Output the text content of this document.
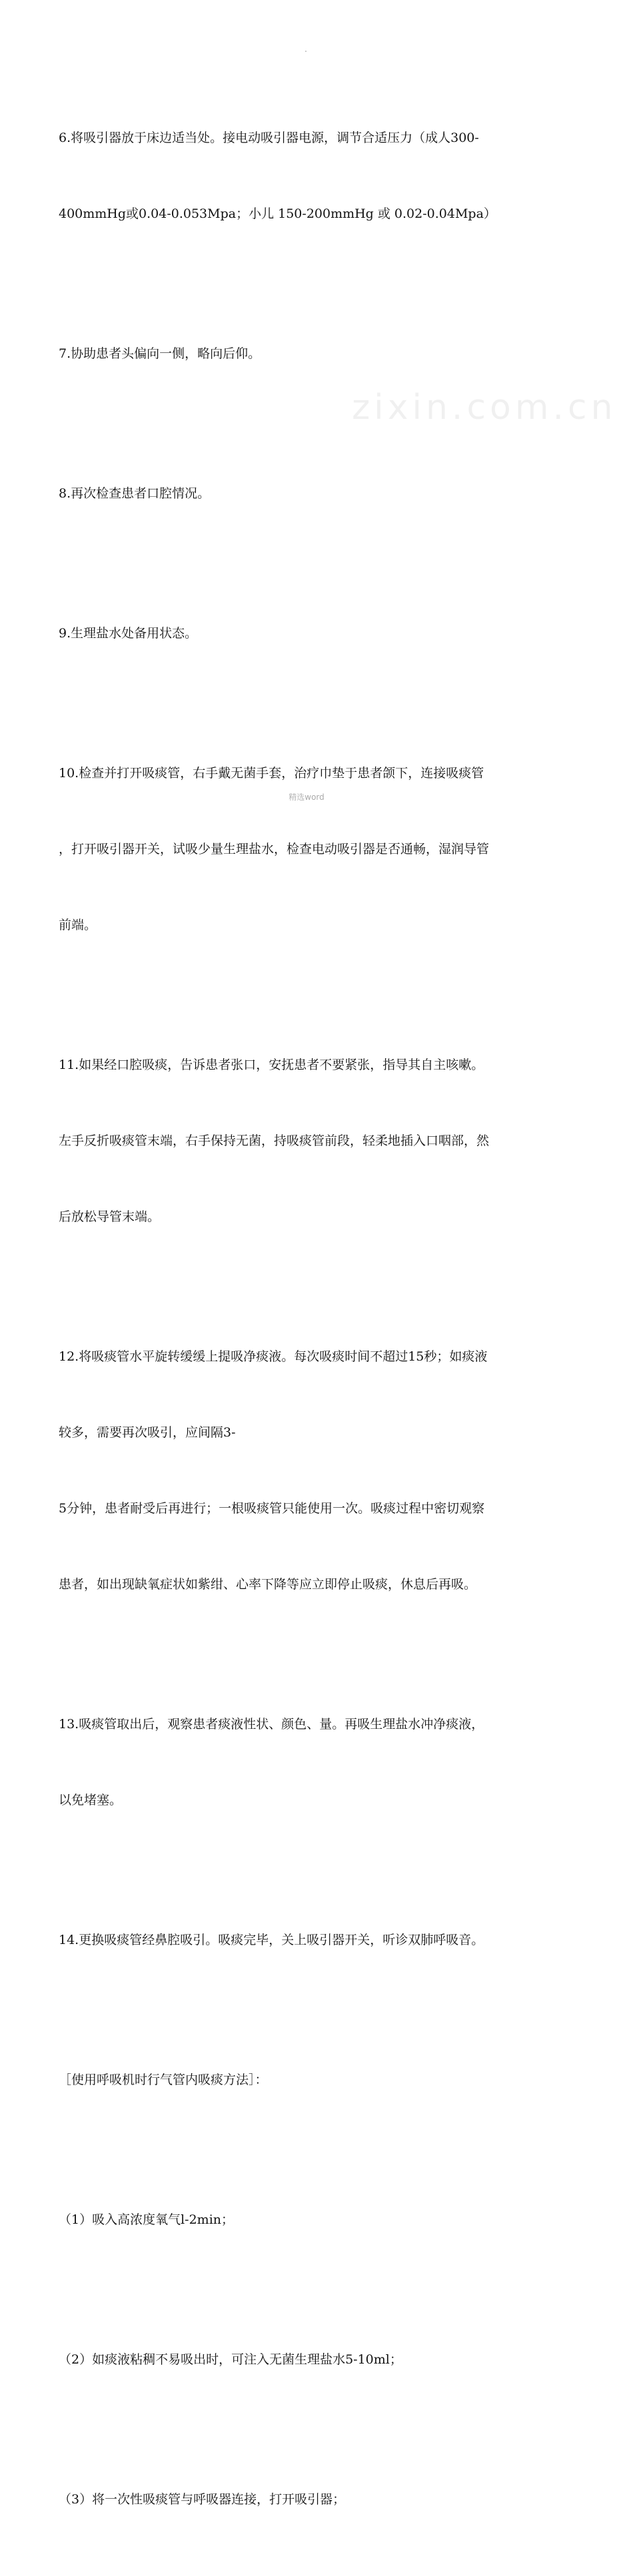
6.将吸引器放于床边适当处。接电动吸引器电源，调节合适压力（成人300-

400mmHg或0.04-0.053Mpa；小儿 150-200mmHg 或 0.02-0.04Mpa）

7.协助患者头偏向一侧，略向后仰。

8.再次检查患者口腔情况。

9.生理盐水处备用状态。

10.检查并打开吸痰管，右手戴无菌手套，治疗巾垫于患者颌下，连接吸痰管

，打开吸引器开关，试吸少量生理盐水，检查电动吸引器是否通畅，湿润导管

前端。

11.如果经口腔吸痰，告诉患者张口，安抚患者不要紧张，指导其自主咳嗽。

左手反折吸痰管末端，右手保持无菌，持吸痰管前段，轻柔地插入口咽部，然

后放松导管末端。

12.将吸痰管水平旋转缓缓上提吸净痰液。每次吸痰时间不超过15秒；如痰液

较多，需要再次吸引，应间隔3-

5分钟，患者耐受后再进行；一根吸痰管只能使用一次。吸痰过程中密切观察

患者，如出现缺氧症状如紫绀、心率下降等应立即停止吸痰，休息后再吸。

13.吸痰管取出后，观察患者痰液性状、颜色、量。再吸生理盐水冲净痰液，

以免堵塞。

14.更换吸痰管经鼻腔吸引。吸痰完毕，关上吸引器开关，听诊双肺呼吸音。

［使用呼吸机时行气管内吸痰方法］：

（1）吸入高浓度氧气l-2min；

（2）如痰液粘稠不易吸出时，可注入无菌生理盐水5-10ml；

（3）将一次性吸痰管与呼吸器连接，打开吸引器；

zixin.com.cn
精选word
